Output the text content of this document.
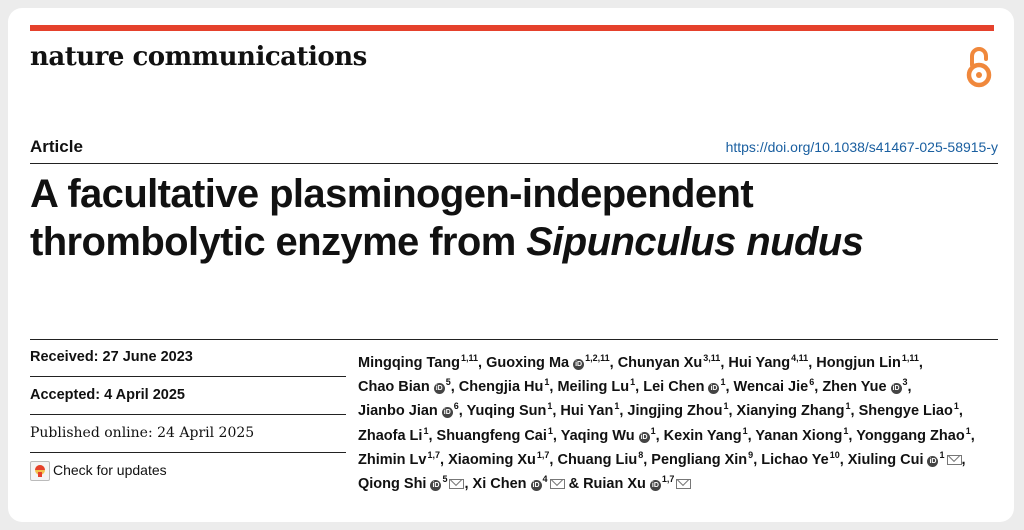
nature communications
Article	https://doi.org/10.1038/s41467-025-58915-y
A facultative plasminogen-independent
thrombolytic enzyme from Sipunculus nudus
Received: 27 June 2023
Accepted: 4 April 2025
Published online: 24 April 2025
Check for updates
Mingqing Tang$^{1,11}$, Guoxing Ma iD$^{1,2,11}$, Chunyan Xu$^{3,11}$, Hui Yang$^{4,11}$, Hongjun Lin$^{1,11}$, Chao Bian $iD^5$, Chengjia Hu$^1$, Meiling Lu$^1$, Lei Chen $iD^1$, Wencai Jie$^6$, Zhen Yue $iD^3$, Jianbo Jian $iD^6$, Yuqing Sun$^1$, Hui Yan$^1$, Jingjing Zhou$^1$, Xianying Zhang$^1$, Shengye Liao$^1$, Zhaofa Li$^1$, Shuangfeng Cai$^1$, Yaqing Wu $iD^1$, Kexin Yang$^1$, Yanan Xiong$^1$, Yonggang Zhao$^1$, Zhimin Lv$^{1,7}$, Xiaoming Xu$^{1,7}$, Chuang Liu$^8$, Pengliang Xin$^9$, Lichao Ye$^{10}$, Xiuling Cui $iD^1$ , Qiong Shi $iD^5$ , Xi Chen $iD^4$ & Ruian Xu iD$^{1,7}$
